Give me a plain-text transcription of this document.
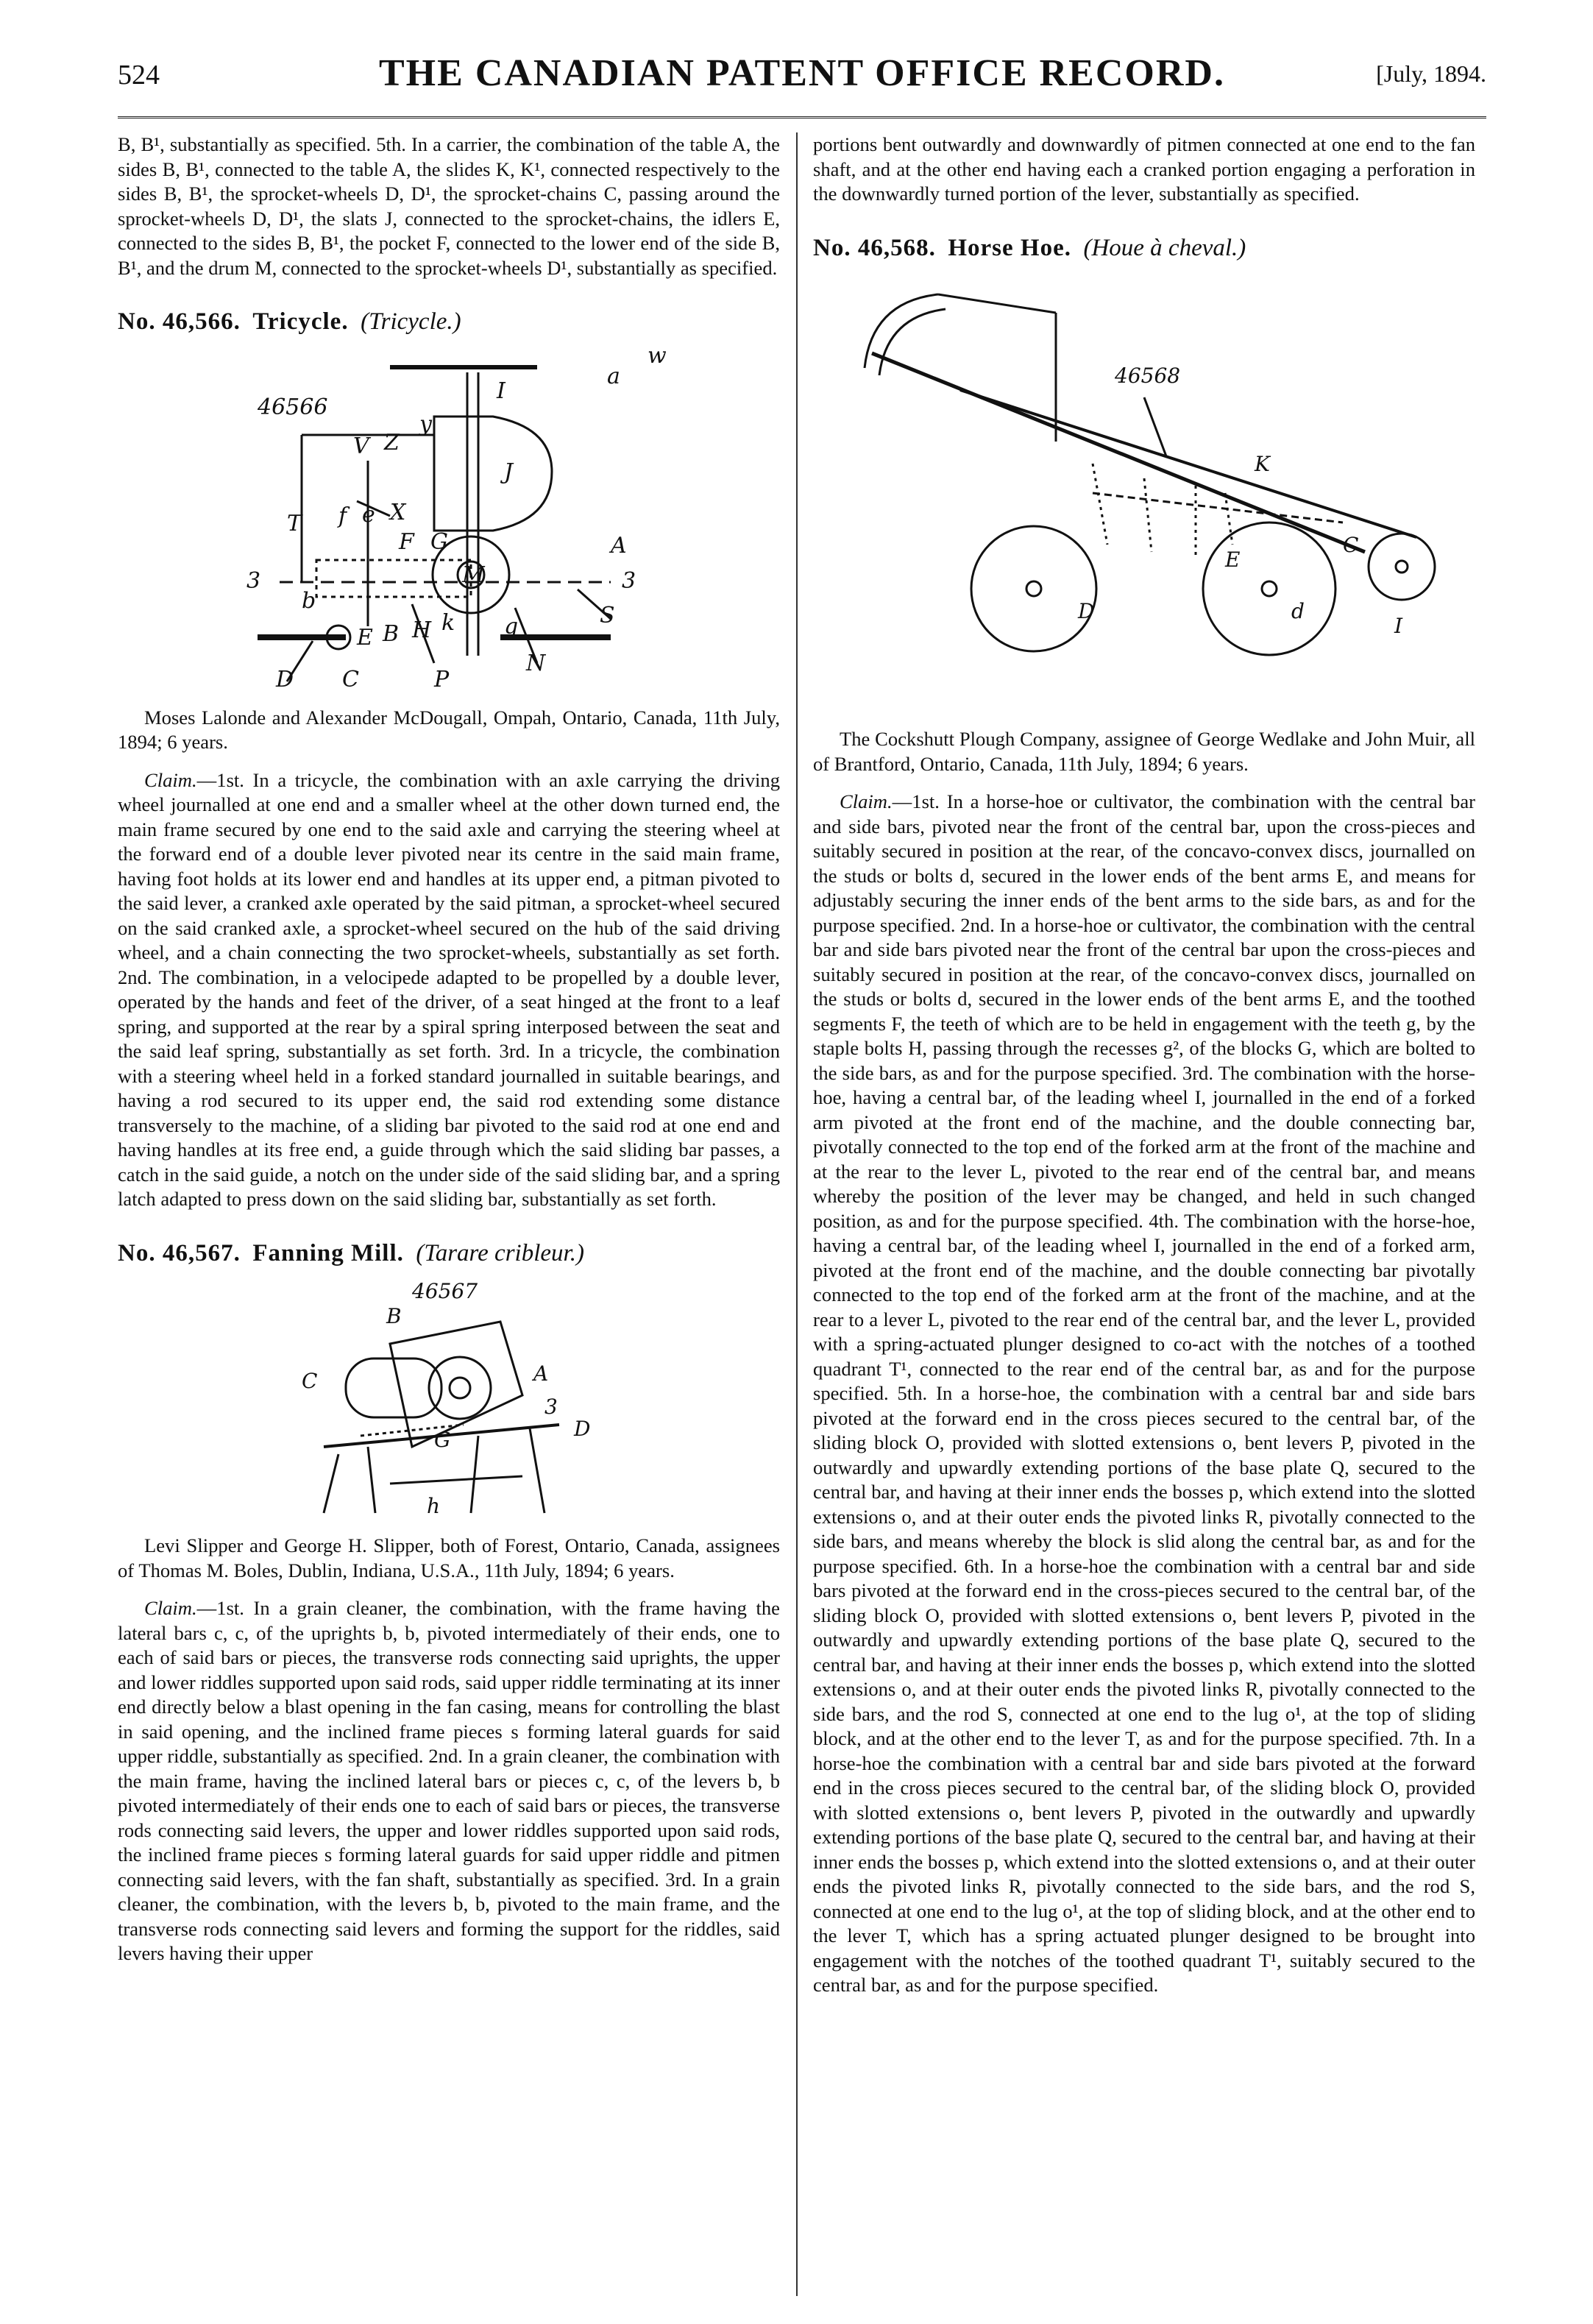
524	THE CANADIAN PATENT OFFICE RECORD.	[July, 1894.

B, B¹, substantially as specified. 5th. In a carrier, the combination of the table A, the sides B, B¹, connected to the table A, the slides K, K¹, connected respectively to the sides B, B¹, the sprocket-wheels D, D¹, the sprocket-chains C, passing around the sprocket-wheels D, D¹, the slats J, connected to the sprocket-chains, the idlers E, connected to the sides B, B¹, the pocket F, connected to the lower end of the side B, B¹, and the drum M, connected to the sprocket-wheels D¹, substantially as specified.

No. 46,566. Tricycle. (Tricycle.)
46566
w
a
I
V Z
y
J
T f e X
G
F	A
3	3
b
M
S
E B H k q
D C	P
N

Moses Lalonde and Alexander McDougall, Ompah, Ontario, Canada, 11th July, 1894; 6 years.

Claim.—1st. In a tricycle, the combination with an axle carrying the driving wheel journalled at one end and a smaller wheel at the other down turned end, the main frame secured by one end to the said axle and carrying the steering wheel at the forward end of a double lever pivoted near its centre in the said main frame, having foot holds at its lower end and handles at its upper end, a pitman pivoted to the said lever, a cranked axle operated by the said pitman, a sprocket-wheel secured on the said cranked axle, a sprocket-wheel secured on the hub of the said driving wheel, and a chain connecting the two sprocket-wheels, substantially as set forth. 2nd. The combination, in a velocipede adapted to be propelled by a double lever, operated by the hands and feet of the driver, of a seat hinged at the front to a leaf spring, and supported at the rear by a spiral spring interposed between the seat and the said leaf spring, substantially as set forth. 3rd. In a tricycle, the combination with a steering wheel held in a forked standard journalled in suitable bearings, and having a rod secured to its upper end, the said rod extending some distance transversely to the machine, of a sliding bar pivoted to the said rod at one end and having handles at its free end, a guide through which the said sliding bar passes, a catch in the said guide, a notch on the under side of the said sliding bar, and a spring latch adapted to press down on the said sliding bar, substantially as set forth.

No. 46,567. Fanning Mill. (Tarare cribleur.)
46567
B
C	A
G
3
D
h

Levi Slipper and George H. Slipper, both of Forest, Ontario, Canada, assignees of Thomas M. Boles, Dublin, Indiana, U.S.A., 11th July, 1894; 6 years.

Claim.—1st. In a grain cleaner, the combination, with the frame having the lateral bars c, c, of the uprights b, b, pivoted intermediately of their ends, one to each of said bars or pieces, the transverse rods connecting said uprights, the upper and lower riddles supported upon said rods, said upper riddle terminating at its inner end directly below a blast opening in the fan casing, means for controlling the blast in said opening, and the inclined frame pieces s forming lateral guards for said upper riddle, substantially as specified. 2nd. In a grain cleaner, the combination with the main frame, having the inclined lateral bars or pieces c, c, of the levers b, b pivoted intermediately of their ends one to each of said bars or pieces, the transverse rods connecting said levers, the upper and lower riddles supported upon said rods, the inclined frame pieces s forming lateral guards for said upper riddle and pitmen connecting said levers, with the fan shaft, substantially as specified. 3rd. In a grain cleaner, the combination, with the levers b, b, pivoted to the main frame, and the transverse rods connecting said levers and forming the support for the riddles, said levers having their upper

portions bent outwardly and downwardly of pitmen connected at one end to the fan shaft, and at the other end having each a cranked portion engaging a perforation in the downwardly turned portion of the lever, substantially as specified.

No. 46,568. Horse Hoe. (Houe à cheval.)
46568
K
D	d
I
C
E

The Cockshutt Plough Company, assignee of George Wedlake and John Muir, all of Brantford, Ontario, Canada, 11th July, 1894; 6 years.

Claim.—1st. In a horse-hoe or cultivator, the combination with the central bar and side bars, pivoted near the front of the central bar, upon the cross-pieces and suitably secured in position at the rear, of the concavo-convex discs, journalled on the studs or bolts d, secured in the lower ends of the bent arms E, and means for adjustably securing the inner ends of the bent arms to the side bars, as and for the purpose specified. 2nd. In a horse-hoe or cultivator, the combination with the central bar and side bars pivoted near the front of the central bar upon the cross-pieces and suitably secured in position at the rear, of the concavo-convex discs, journalled on the studs or bolts d, secured in the lower ends of the bent arms E, and the toothed segments F, the teeth of which are to be held in engagement with the teeth g, by the staple bolts H, passing through the recesses g², of the blocks G, which are bolted to the side bars, as and for the purpose specified. 3rd. The combination with the horse-hoe, having a central bar, of the leading wheel I, journalled in the end of a forked arm pivoted at the front end of the machine, and the double connecting bar, pivotally connected to the top end of the forked arm at the front of the machine and at the rear to the lever L, pivoted to the rear end of the central bar, and means whereby the position of the lever may be changed, and held in such changed position, as and for the purpose specified. 4th. The combination with the horse-hoe, having a central bar, of the leading wheel I, journalled in the end of a forked arm, pivoted at the front end of the machine, and the double connecting bar pivotally connected to the top end of the forked arm at the front of the machine, and at the rear to a lever L, pivoted to the rear end of the central bar, and the lever L, provided with a spring-actuated plunger designed to co-act with the notches of a toothed quadrant T¹, connected to the rear end of the central bar, as and for the purpose specified. 5th. In a horse-hoe, the combination with a central bar and side bars pivoted at the forward end in the cross pieces secured to the central bar, of the sliding block O, provided with slotted extensions o, bent levers P, pivoted in the outwardly and upwardly extending portions of the base plate Q, secured to the central bar, and having at their inner ends the bosses p, which extend into the slotted extensions o, and at their outer ends the pivoted links R, pivotally connected to the side bars, and means whereby the block is slid along the central bar, as and for the purpose specified. 6th. In a horse-hoe the combination with a central bar and side bars pivoted at the forward end in the cross-pieces secured to the central bar, of the sliding block O, provided with slotted extensions o, bent levers P, pivoted in the outwardly and upwardly extending portions of the base plate Q, secured to the central bar, and having at their inner ends the bosses p, which extend into the slotted extensions o, and at their outer ends the pivoted links R, pivotally connected to the side bars, and the rod S, connected at one end to the lug o¹, at the top of sliding block, and at the other end to the lever T, as and for the purpose specified. 7th. In a horse-hoe the combination with a central bar and side bars pivoted at the forward end in the cross pieces secured to the central bar, of the sliding block O, provided with slotted extensions o, bent levers P, pivoted in the outwardly and upwardly extending portions of the base plate Q, secured to the central bar, and having at their inner ends the bosses p, which extend into the slotted extensions o, and at their outer ends the pivoted links R, pivotally connected to the side bars, and the rod S, connected at one end to the lug o¹, at the top of sliding block, and at the other end to the lever T, which has a spring actuated plunger designed to be brought into engagement with the notches of the toothed quadrant T¹, suitably secured to the central bar, as and for the purpose specified.
